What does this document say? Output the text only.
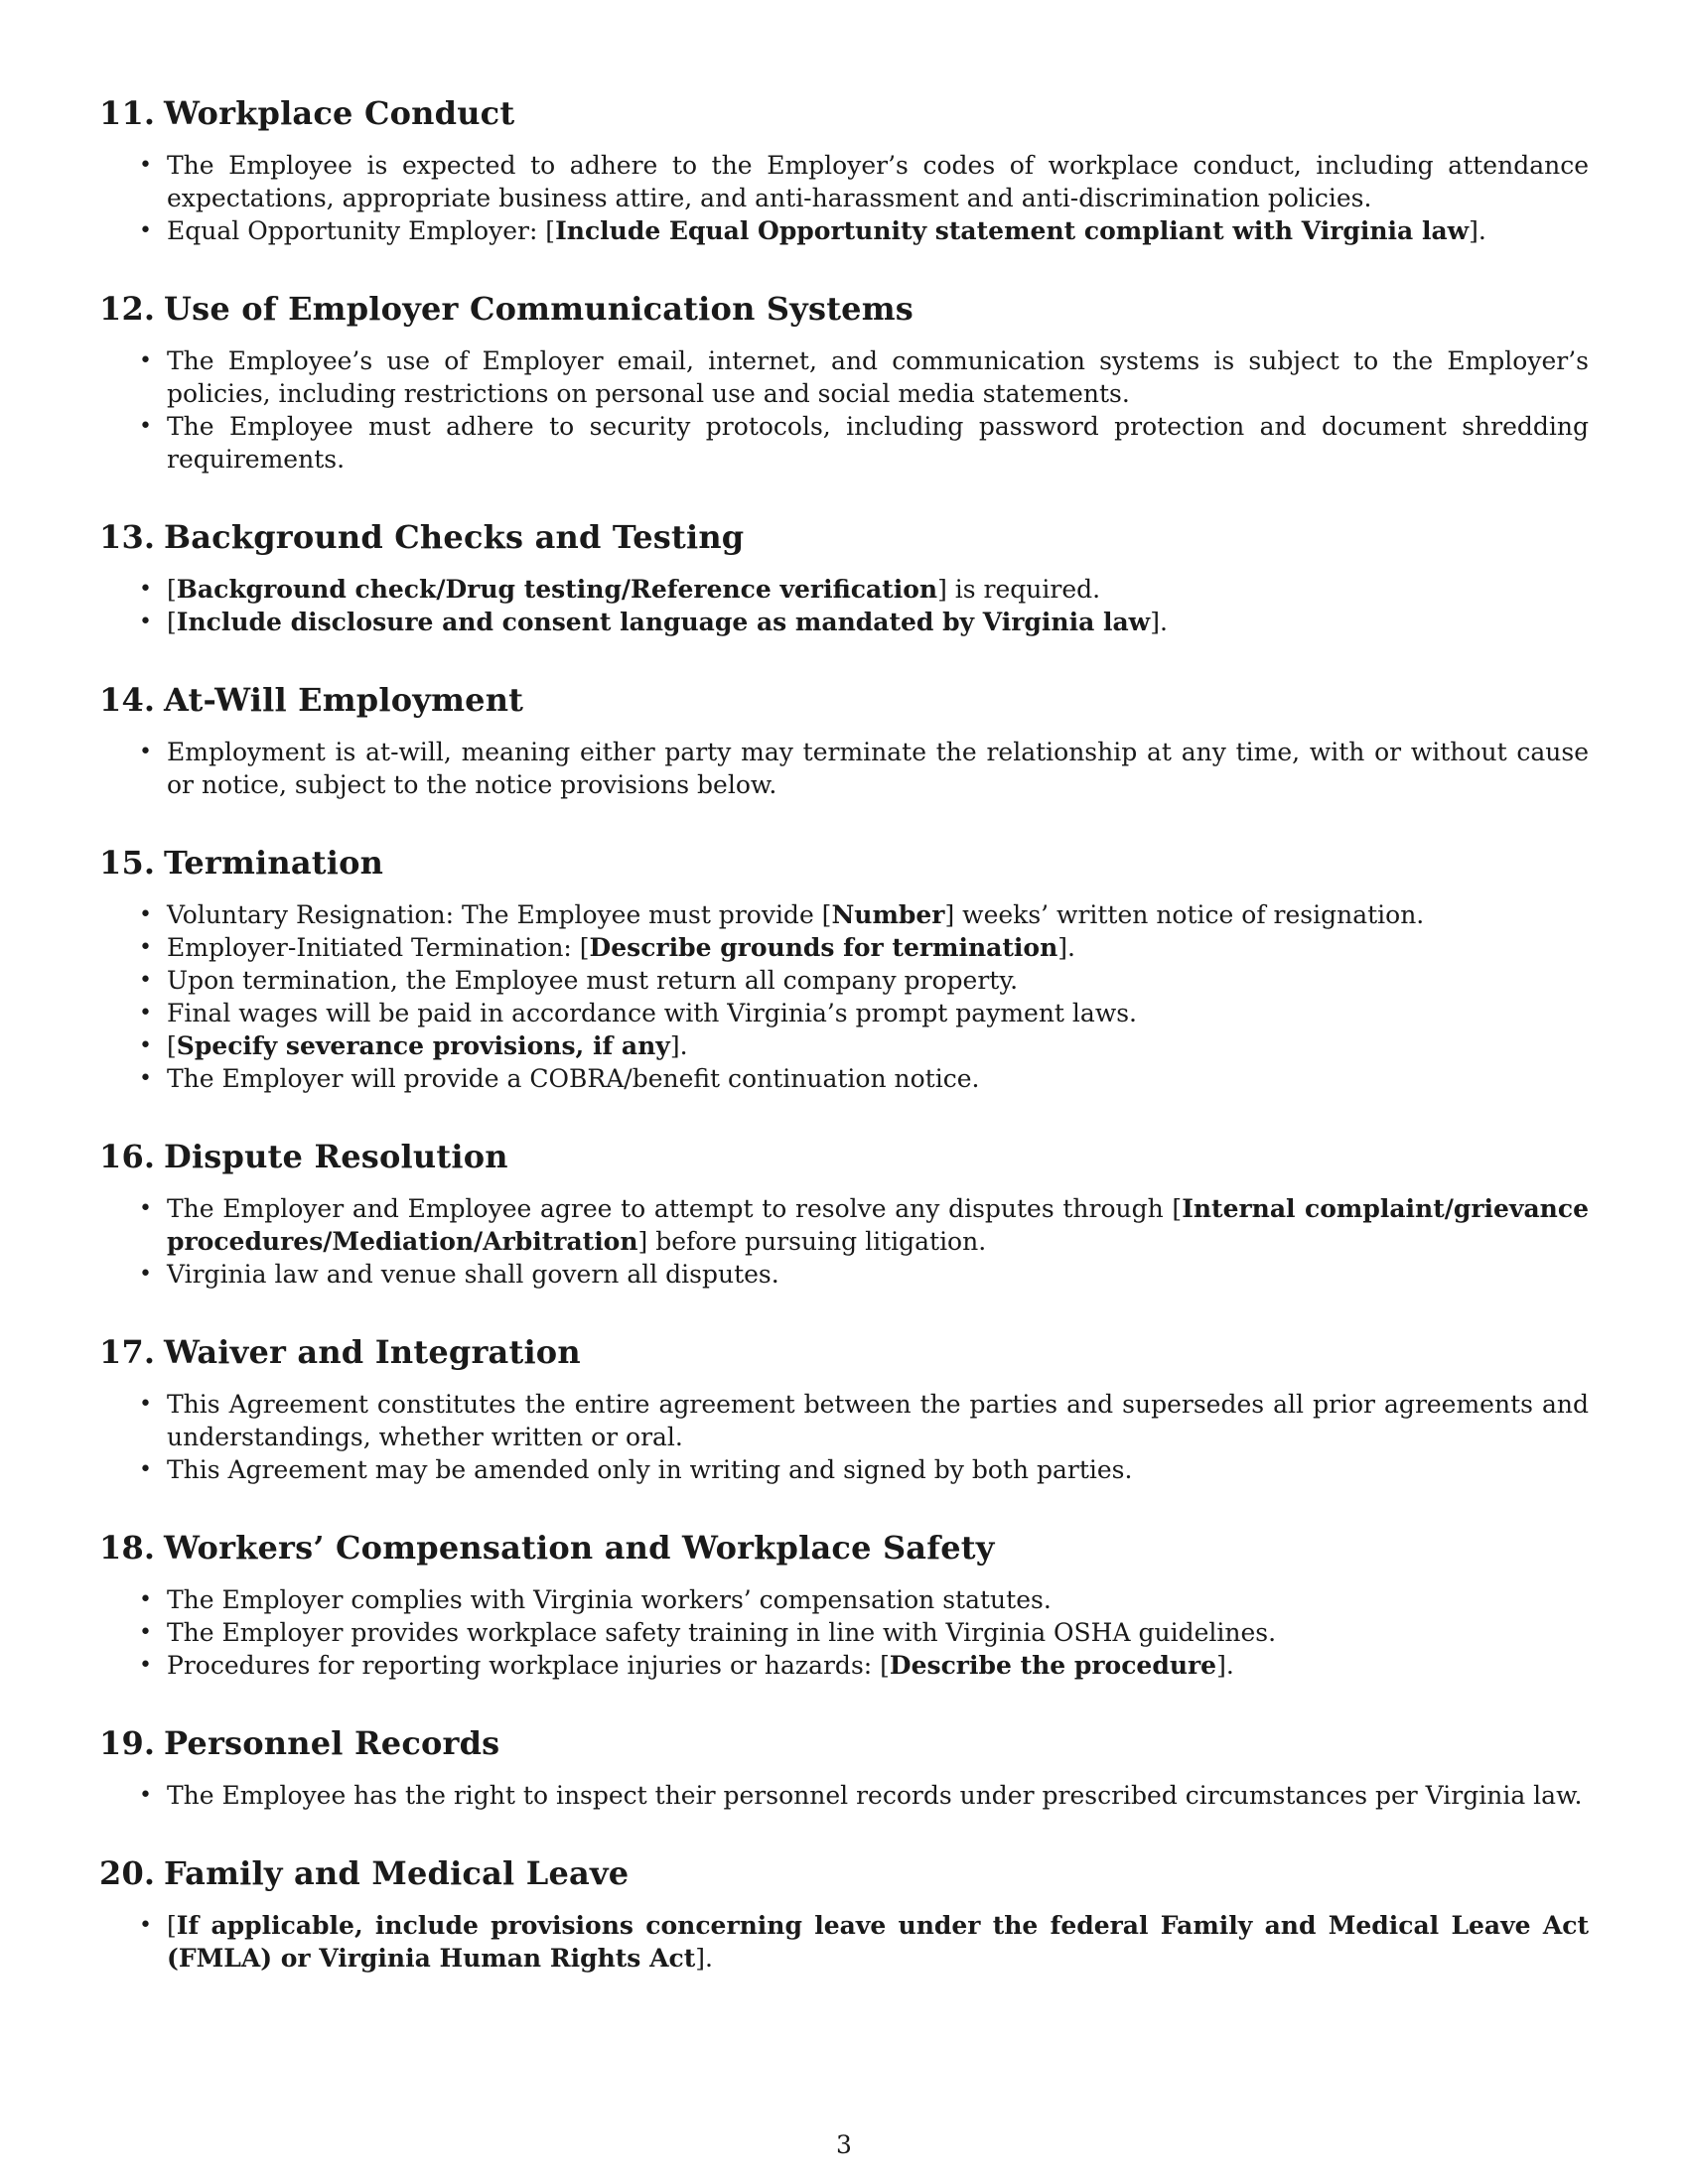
11. Workplace Conduct
• The Employee is expected to adhere to the Employer’s codes of workplace conduct, including attendance expectations, appropriate business attire, and anti-harassment and anti-discrimination policies.
• Equal Opportunity Employer: [Include Equal Opportunity statement compliant with Virginia law].
12. Use of Employer Communication Systems
• The Employee’s use of Employer email, internet, and communication systems is subject to the Employer’s policies, including restrictions on personal use and social media statements.
• The Employee must adhere to security protocols, including password protection and document shredding requirements.
13. Background Checks and Testing
• [Background check/Drug testing/Reference verification] is required.
• [Include disclosure and consent language as mandated by Virginia law].
14. At-Will Employment
• Employment is at-will, meaning either party may terminate the relationship at any time, with or without cause or notice, subject to the notice provisions below.
15. Termination
• Voluntary Resignation: The Employee must provide [Number] weeks’ written notice of resignation.
• Employer-Initiated Termination: [Describe grounds for termination].
• Upon termination, the Employee must return all company property.
• Final wages will be paid in accordance with Virginia’s prompt payment laws.
• [Specify severance provisions, if any].
• The Employer will provide a COBRA/benefit continuation notice.
16. Dispute Resolution
• The Employer and Employee agree to attempt to resolve any disputes through [Internal complaint/grievance procedures/Mediation/Arbitration] before pursuing litigation.
• Virginia law and venue shall govern all disputes.
17. Waiver and Integration
• This Agreement constitutes the entire agreement between the parties and supersedes all prior agreements and understandings, whether written or oral.
• This Agreement may be amended only in writing and signed by both parties.
18. Workers’ Compensation and Workplace Safety
• The Employer complies with Virginia workers’ compensation statutes.
• The Employer provides workplace safety training in line with Virginia OSHA guidelines.
• Procedures for reporting workplace injuries or hazards: [Describe the procedure].
19. Personnel Records
• The Employee has the right to inspect their personnel records under prescribed circumstances per Virginia law.
20. Family and Medical Leave
• [If applicable, include provisions concerning leave under the federal Family and Medical Leave Act (FMLA) or Virginia Human Rights Act].
3
